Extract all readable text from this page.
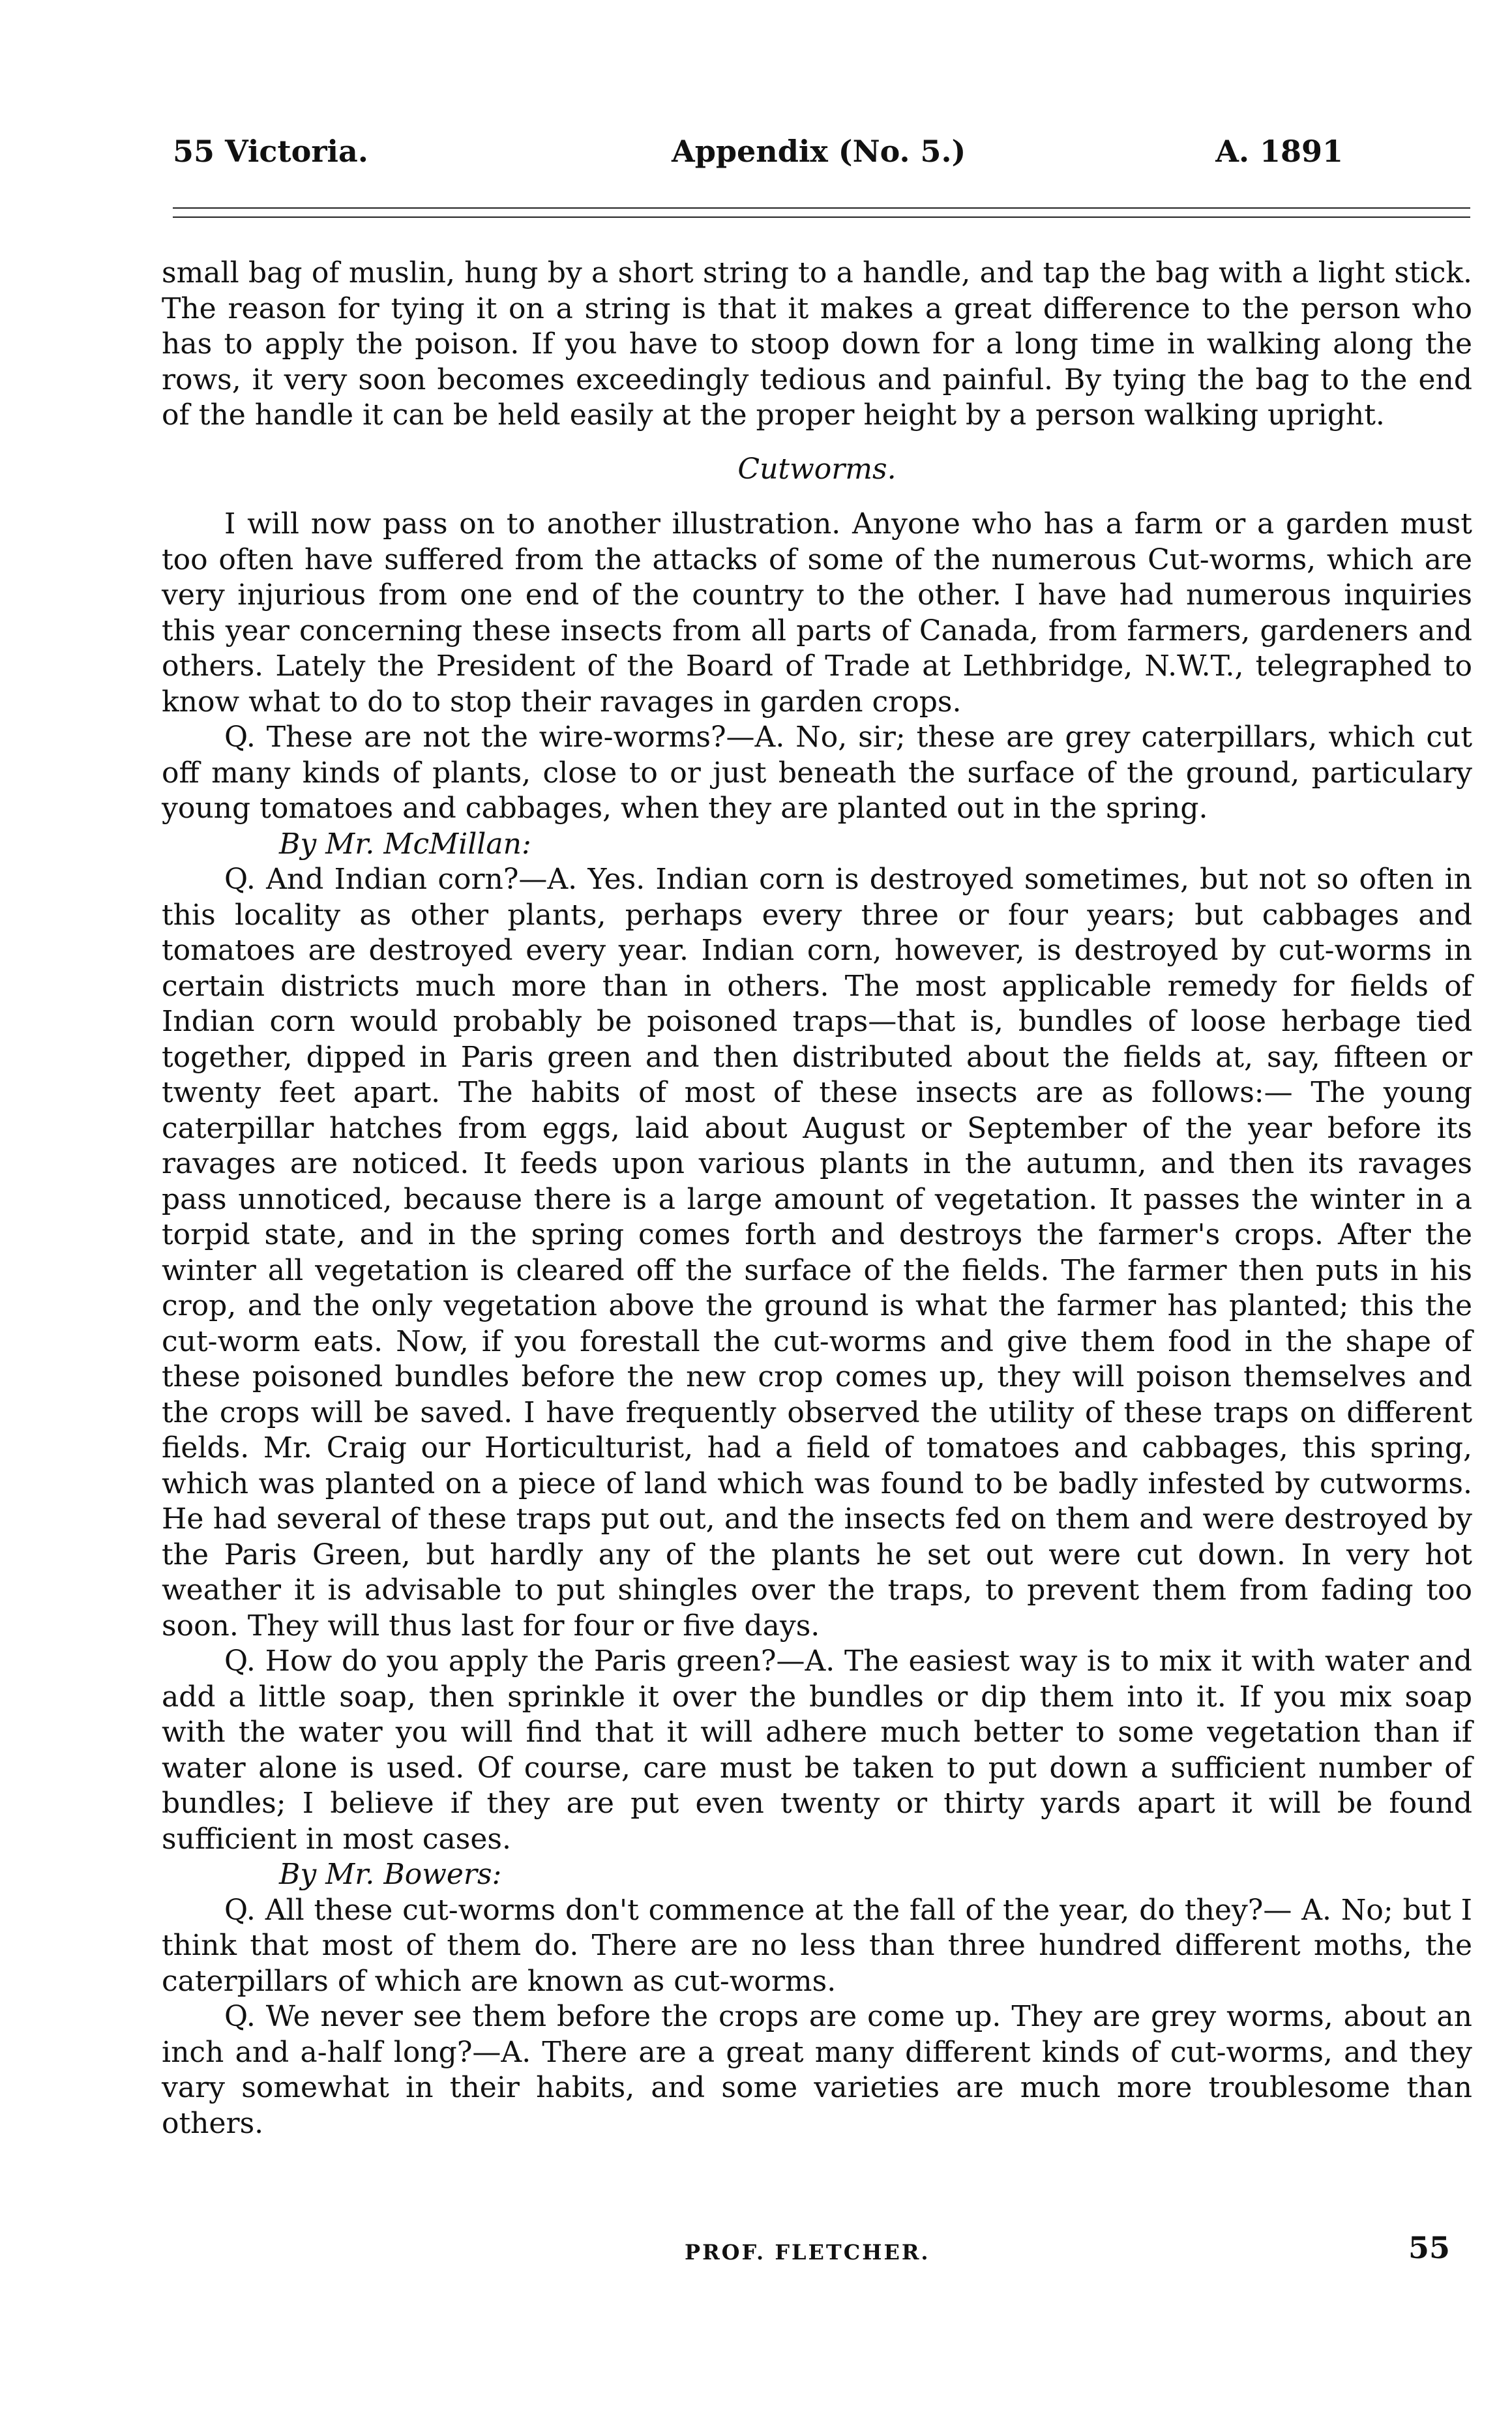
55 Victoria.	Appendix (No. 5.)	A. 1891

small bag of muslin, hung by a short string to a handle, and tap the bag with a light stick. The reason for tying it on a string is that it makes a great difference to the person who has to apply the poison. If you have to stoop down for a long time in walking along the rows, it very soon becomes exceedingly tedious and painful. By tying the bag to the end of the handle it can be held easily at the proper height by a person walking upright.

Cutworms.

I will now pass on to another illustration. Anyone who has a farm or a garden must too often have suffered from the attacks of some of the numerous Cut-worms, which are very injurious from one end of the country to the other. I have had numerous inquiries this year concerning these insects from all parts of Canada, from farmers, gardeners and others. Lately the President of the Board of Trade at Lethbridge, N.W.T., telegraphed to know what to do to stop their ravages in garden crops.

Q. These are not the wire-worms?—A. No, sir; these are grey caterpillars, which cut off many kinds of plants, close to or just beneath the surface of the ground, particulary young tomatoes and cabbages, when they are planted out in the spring.

By Mr. McMillan:

Q. And Indian corn?—A. Yes. Indian corn is destroyed sometimes, but not so often in this locality as other plants, perhaps every three or four years; but cabbages and tomatoes are destroyed every year. Indian corn, however, is destroyed by cut-worms in certain districts much more than in others. The most applicable remedy for fields of Indian corn would probably be poisoned traps—that is, bundles of loose herbage tied together, dipped in Paris green and then distributed about the fields at, say, fifteen or twenty feet apart. The habits of most of these insects are as follows:— The young caterpillar hatches from eggs, laid about August or September of the year before its ravages are noticed. It feeds upon various plants in the autumn, and then its ravages pass unnoticed, because there is a large amount of vegetation. It passes the winter in a torpid state, and in the spring comes forth and destroys the farmer's crops. After the winter all vegetation is cleared off the surface of the fields. The farmer then puts in his crop, and the only vegetation above the ground is what the farmer has planted; this the cut-worm eats. Now, if you forestall the cut-worms and give them food in the shape of these poisoned bundles before the new crop comes up, they will poison themselves and the crops will be saved. I have frequently observed the utility of these traps on different fields. Mr. Craig our Horticulturist, had a field of tomatoes and cabbages, this spring, which was planted on a piece of land which was found to be badly infested by cutworms. He had several of these traps put out, and the insects fed on them and were destroyed by the Paris Green, but hardly any of the plants he set out were cut down. In very hot weather it is advisable to put shingles over the traps, to prevent them from fading too soon. They will thus last for four or five days.

Q. How do you apply the Paris green?—A. The easiest way is to mix it with water and add a little soap, then sprinkle it over the bundles or dip them into it. If you mix soap with the water you will find that it will adhere much better to some vegetation than if water alone is used. Of course, care must be taken to put down a sufficient number of bundles; I believe if they are put even twenty or thirty yards apart it will be found sufficient in most cases.

By Mr. Bowers:

Q. All these cut-worms don't commence at the fall of the year, do they?— A. No; but I think that most of them do. There are no less than three hundred different moths, the caterpillars of which are known as cut-worms.

Q. We never see them before the crops are come up. They are grey worms, about an inch and a-half long?—A. There are a great many different kinds of cut-worms, and they vary somewhat in their habits, and some varieties are much more troublesome than others.

PROF. FLETCHER.	55
